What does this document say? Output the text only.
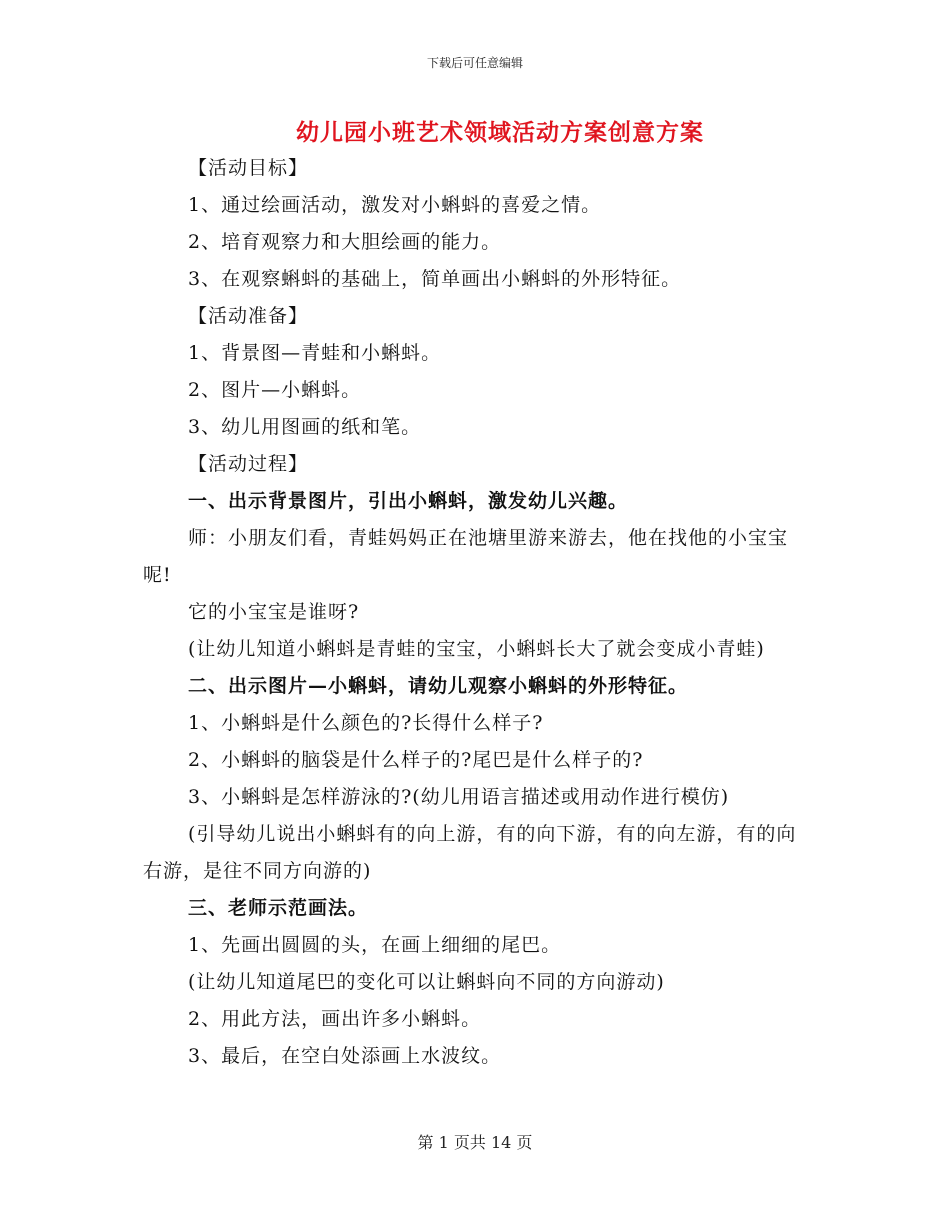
下载后可任意编辑
幼儿园小班艺术领域活动方案创意方案

【活动目标】

1、通过绘画活动，激发对小蝌蚪的喜爱之情。

2、培育观察力和大胆绘画的能力。

3、在观察蝌蚪的基础上，简单画出小蝌蚪的外形特征。

【活动准备】

1、背景图—青蛙和小蝌蚪。

2、图片—小蝌蚪。

3、幼儿用图画的纸和笔。

【活动过程】

一、出示背景图片，引出小蝌蚪，激发幼儿兴趣。

师：小朋友们看，青蛙妈妈正在池塘里游来游去，他在找他的小宝宝呢!

它的小宝宝是谁呀?

(让幼儿知道小蝌蚪是青蛙的宝宝，小蝌蚪长大了就会变成小青蛙)

二、出示图片—小蝌蚪，请幼儿观察小蝌蚪的外形特征。

1、小蝌蚪是什么颜色的?长得什么样子?

2、小蝌蚪的脑袋是什么样子的?尾巴是什么样子的?

3、小蝌蚪是怎样游泳的?(幼儿用语言描述或用动作进行模仿)

(引导幼儿说出小蝌蚪有的向上游，有的向下游，有的向左游，有的向右游，是往不同方向游的)

三、老师示范画法。

1、先画出圆圆的头，在画上细细的尾巴。

(让幼儿知道尾巴的变化可以让蝌蚪向不同的方向游动)

2、用此方法，画出许多小蝌蚪。

3、最后，在空白处添画上水波纹。

第 1 页共 14 页
